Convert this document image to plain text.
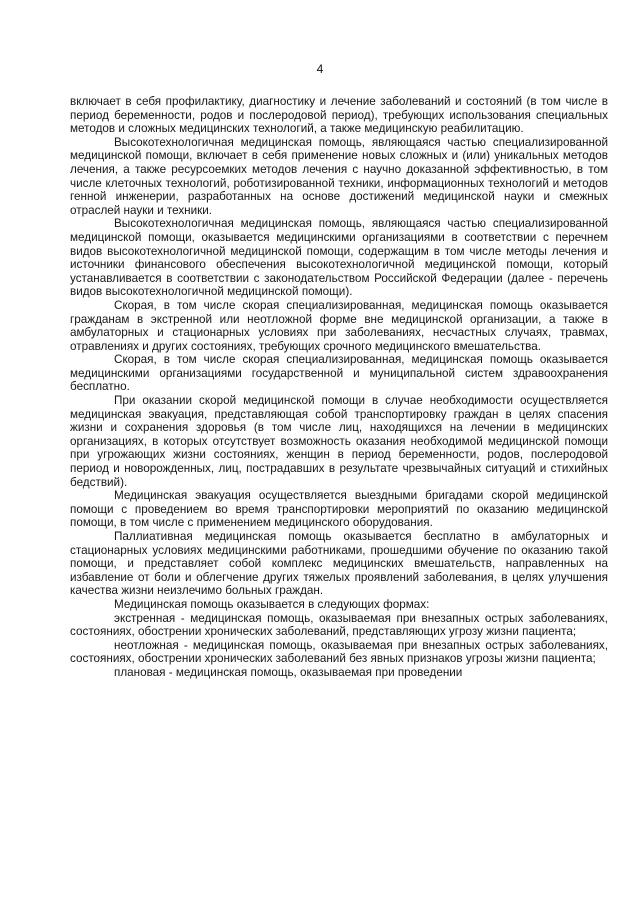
4

включает в себя профилактику, диагностику и лечение заболеваний и состояний (в том числе в период беременности, родов и послеродовой период), требующих использования специальных методов и сложных медицинских технологий, а также медицинскую реабилитацию.

Высокотехнологичная медицинская помощь, являющаяся частью специализированной медицинской помощи, включает в себя применение новых сложных и (или) уникальных методов лечения, а также ресурсоемких методов лечения с научно доказанной эффективностью, в том числе клеточных технологий, роботизированной техники, информационных технологий и методов генной инженерии, разработанных на основе достижений медицинской науки и смежных отраслей науки и техники.

Высокотехнологичная медицинская помощь, являющаяся частью специализированной медицинской помощи, оказывается медицинскими организациями в соответствии с перечнем видов высокотехнологичной медицинской помощи, содержащим в том числе методы лечения и источники финансового обеспечения высокотехнологичной медицинской помощи, который устанавливается в соответствии с законодательством Российской Федерации (далее - перечень видов высокотехнологичной медицинской помощи).

Скорая, в том числе скорая специализированная, медицинская помощь оказывается гражданам в экстренной или неотложной форме вне медицинской организации, а также в амбулаторных и стационарных условиях при заболеваниях, несчастных случаях, травмах, отравлениях и других состояниях, требующих срочного медицинского вмешательства.

Скорая, в том числе скорая специализированная, медицинская помощь оказывается медицинскими организациями государственной и муниципальной систем здравоохранения бесплатно.

При оказании скорой медицинской помощи в случае необходимости осуществляется медицинская эвакуация, представляющая собой транспортировку граждан в целях спасения жизни и сохранения здоровья (в том числе лиц, находящихся на лечении в медицинских организациях, в которых отсутствует возможность оказания необходимой медицинской помощи при угрожающих жизни состояниях, женщин в период беременности, родов, послеродовой период и новорожденных, лиц, пострадавших в результате чрезвычайных ситуаций и стихийных бедствий).

Медицинская эвакуация осуществляется выездными бригадами скорой медицинской помощи с проведением во время транспортировки мероприятий по оказанию медицинской помощи, в том числе с применением медицинского оборудования.

Паллиативная медицинская помощь оказывается бесплатно в амбулаторных и стационарных условиях медицинскими работниками, прошедшими обучение по оказанию такой помощи, и представляет собой комплекс медицинских вмешательств, направленных на избавление от боли и облегчение других тяжелых проявлений заболевания, в целях улучшения качества жизни неизлечимо больных граждан.

Медицинская помощь оказывается в следующих формах:

экстренная - медицинская помощь, оказываемая при внезапных острых заболеваниях, состояниях, обострении хронических заболеваний, представляющих угрозу жизни пациента;

неотложная - медицинская помощь, оказываемая при внезапных острых заболеваниях, состояниях, обострении хронических заболеваний без явных признаков угрозы жизни пациента;

плановая - медицинская помощь, оказываемая при проведении
